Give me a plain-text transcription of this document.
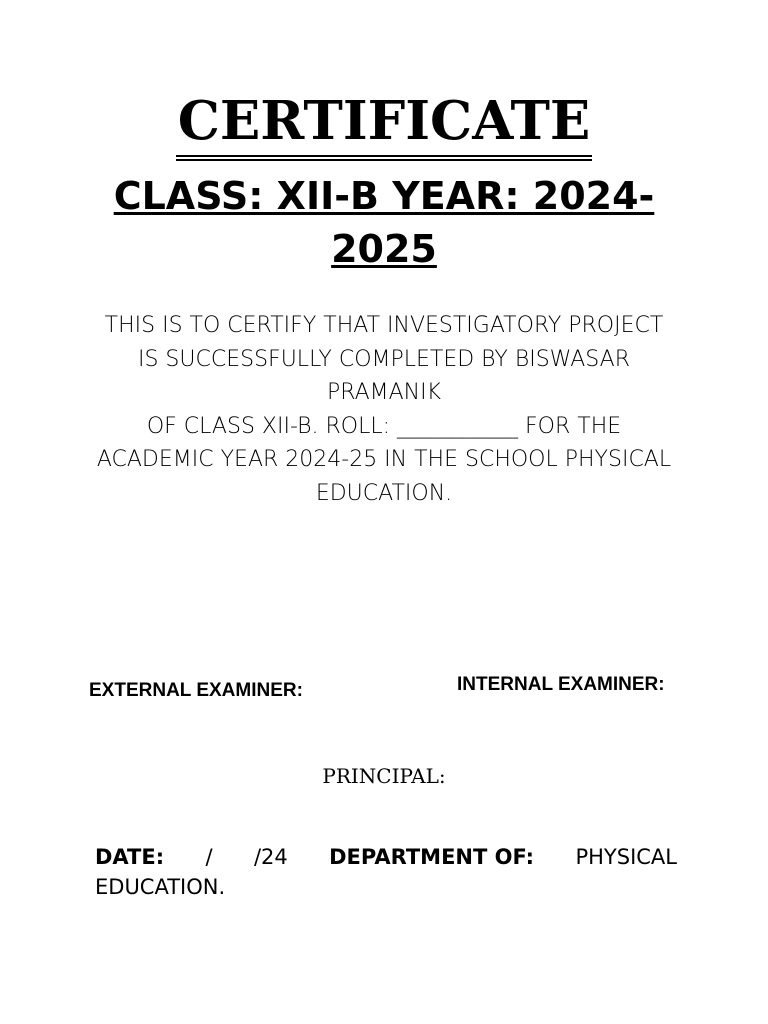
CERTIFICATE
CLASS: XII-B YEAR: 2024-2025
THIS IS TO CERTIFY THAT INVESTIGATORY PROJECT
IS SUCCESSFULLY COMPLETED BY BISWASAR PRAMANIK
OF CLASS XII-B. ROLL: ___________ FOR THE ACADEMIC YEAR 2024-25 IN THE SCHOOL PHYSICAL EDUCATION.

EXTERNAL EXAMINER:	INTERNAL EXAMINER:

PRINCIPAL:

DATE: / /24 DEPARTMENT OF: PHYSICAL
EDUCATION.
